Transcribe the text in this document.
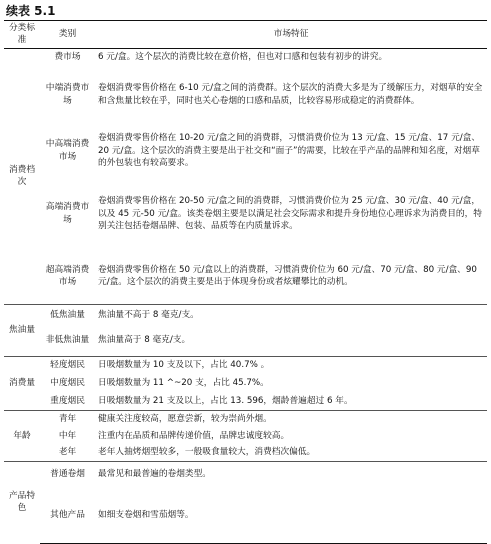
续表 5.1
分类标准	类别	市场特征
消费档次	费市场	6 元/盒。这个层次的消费比较在意价格，但也对口感和包装有初步的讲究。
	中端消费市场	卷烟消费零售价格在 6-10 元/盒之间的消费群。这个层次的消费大多是为了缓解压力，对烟草的安全和含焦量比较在乎，同时也关心卷烟的口感和品质，比较容易形成稳定的消费群体。
	中高端消费市场	卷烟消费零售价格在 10-20 元/盒之间的消费群，习惯消费价位为 13 元/盒、15 元/盒、17 元/盒、20 元/盒。这个层次的消费主要是出于社交和“面子”的需要，比较在乎产品的品牌和知名度，对烟草的外包装也有较高要求。
	高端消费市场	卷烟消费零售价格在 20-50 元/盒之间的消费群，习惯消费价位为 25 元/盒、30 元/盒、40 元/盒，以及 45 元-50 元/盒。该类卷烟主要是以满足社会交际需求和提升身份地位心理诉求为消费目的，特别关注包括卷烟品牌、包装、品质等在内质量诉求。
	超高端消费市场	卷烟消费零售价格在 50 元/盒以上的消费群，习惯消费价位为 60 元/盒、70 元/盒、80 元/盒、90 元/盒。这个层次的消费主要是出于体现身份或者炫耀攀比的动机。
焦油量	低焦油量	焦油量不高于 8 毫克/支。
	非低焦油量	焦油量高于 8 毫克/支。
消费量	轻度烟民	日吸烟数量为 10 支及以下，占比 40.7% 。
	中度烟民	日吸烟数量为 11 ^~20 支，占比 45.7%。
	重度烟民	日吸烟数量为 21 支及以上，占比 13. 596，烟龄普遍超过 6 年。
年龄	青年	健康关注度较高，愿意尝新，较为崇尚外烟。
	中年	注重内在品质和品牌传递价值，品牌忠诚度较高。
	老年	老年人抽烤烟型较多，一般吸食量较大，消费档次偏低。
产品特色	普通卷烟	最常见和最普遍的卷烟类型。
	其他产品	如细支卷烟和雪茄烟等。
